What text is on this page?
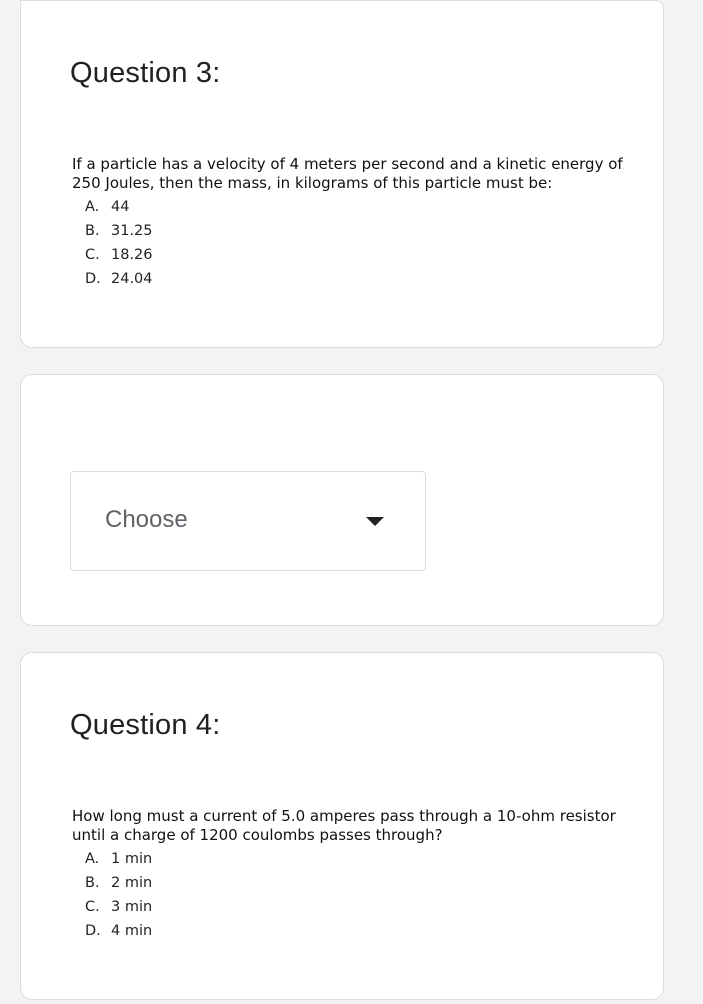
Question 3:

If a particle has a velocity of 4 meters per second and a kinetic energy of 250 Joules, then the mass, in kilograms of this particle must be:

A. 44
B. 31.25
C. 18.26
D. 24.04
Choose
Question 4:

How long must a current of 5.0 amperes pass through a 10-ohm resistor until a charge of 1200 coulombs passes through?

A. 1 min
B. 2 min
C. 3 min
D. 4 min
